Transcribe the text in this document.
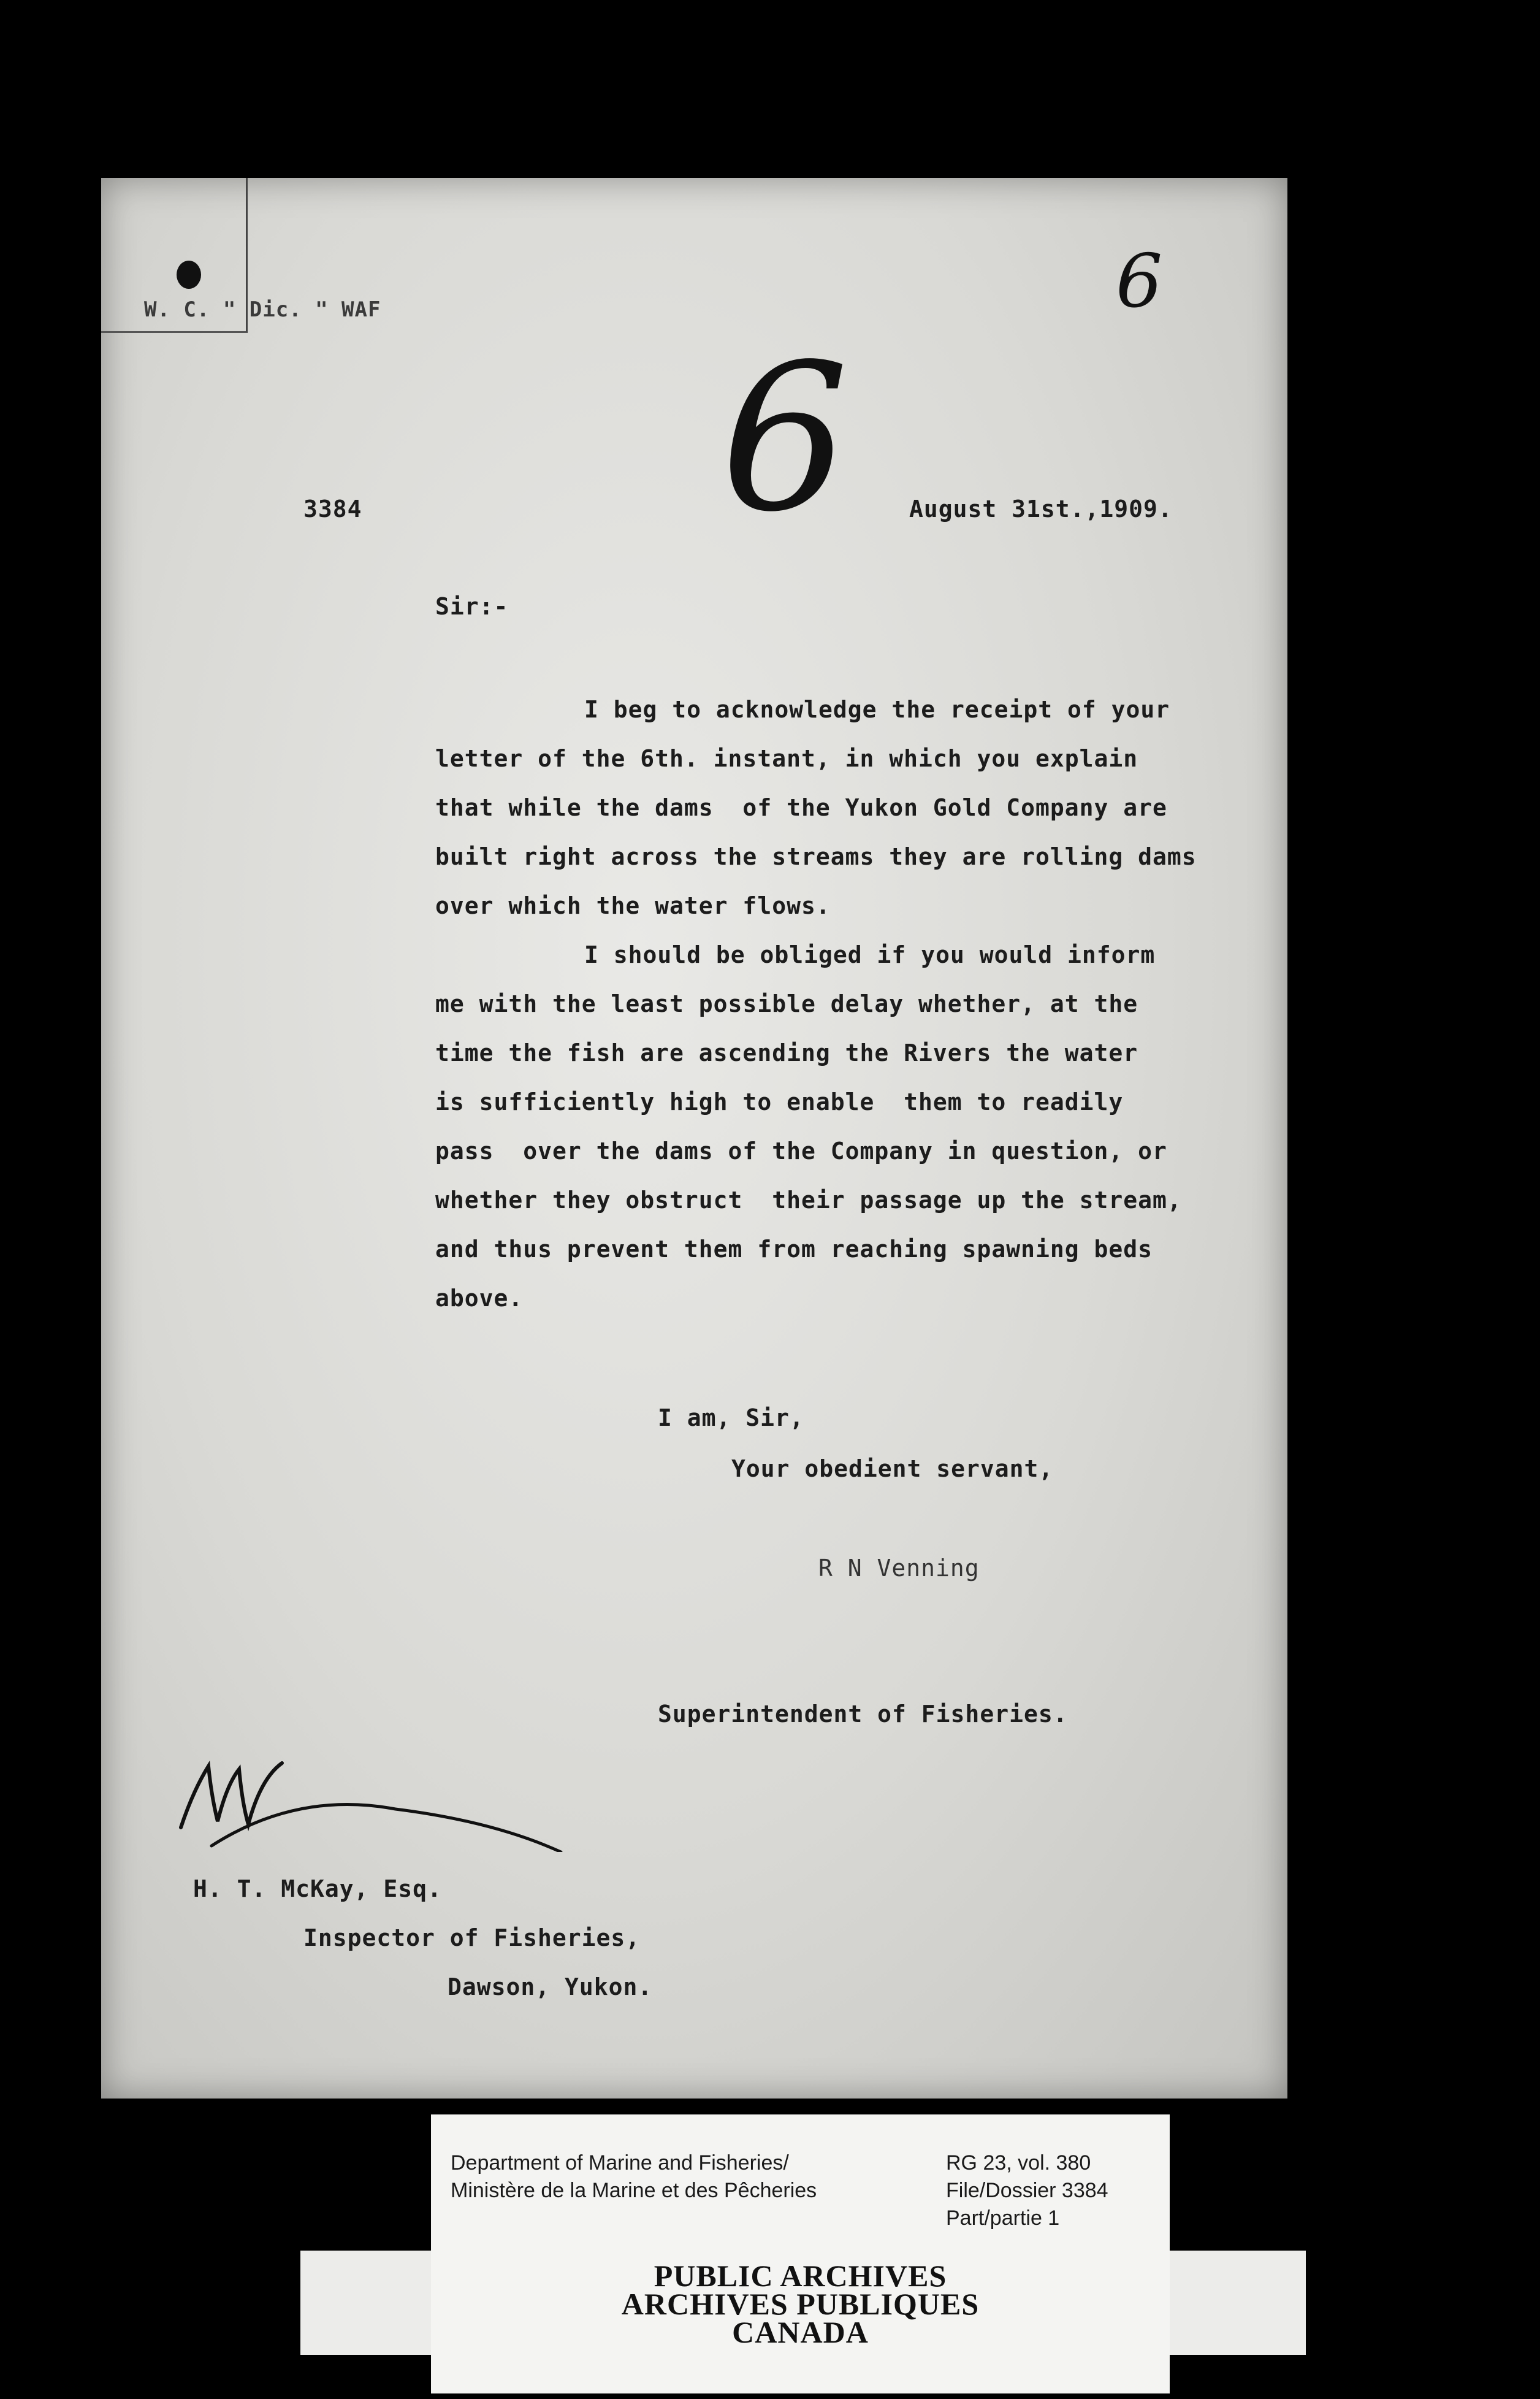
W. C. " Dic. " WAF	6
6
3384	August 31st.,1909.
Sir:-
I beg to acknowledge the receipt of your
letter of the 6th. instant, in which you explain
that while the dams  of the Yukon Gold Company are
built right across the streams they are rolling dams
over which the water flows.
I should be obliged if you would inform
me with the least possible delay whether, at the
time the fish are ascending the Rivers the water
is sufficiently high to enable  them to readily
pass  over the dams of the Company in question, or
whether they obstruct  their passage up the stream,
and thus prevent them from reaching spawning beds
above.
I am, Sir,
Your obedient servant,
R N Venning
Superintendent of Fisheries.
H. T. McKay, Esq.
Inspector of Fisheries,
Dawson, Yukon.
Department of Marine and Fisheries/
Ministère de la Marine et des Pêcheries
RG 23, vol. 380
File/Dossier 3384
Part/partie 1
PUBLIC ARCHIVES
ARCHIVES PUBLIQUES
CANADA
